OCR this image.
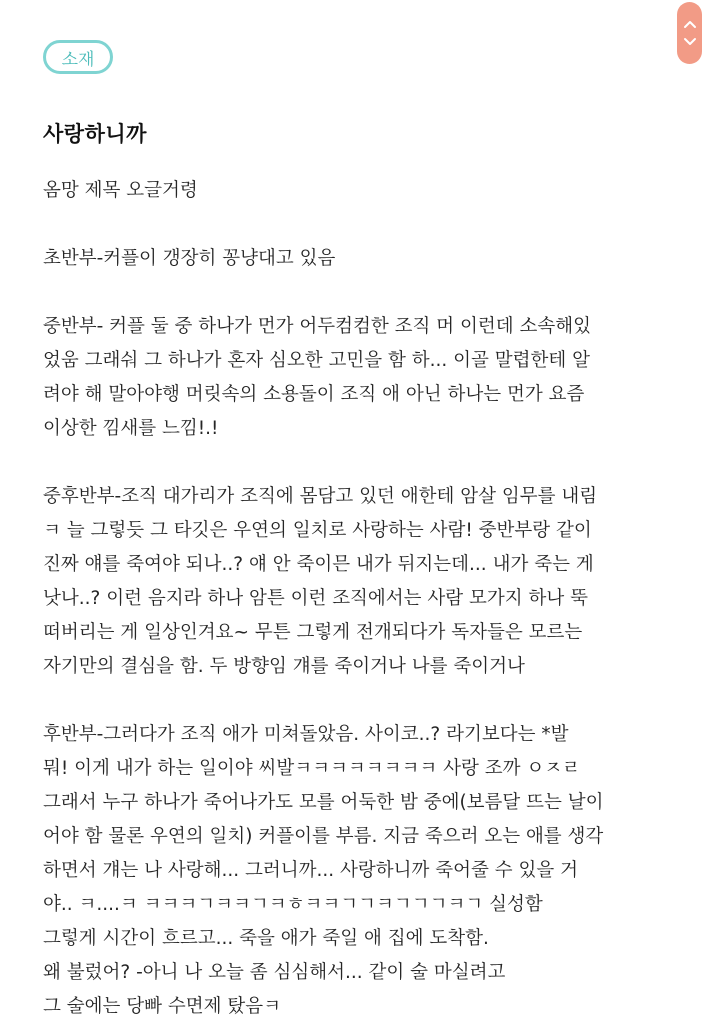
소재
사랑하니까
옴망 제목 오글거령
초반부-커플이 갱장히 꽁냥대고 있음
중반부- 커플 둘 중 하나가 먼가 어두컴컴한 조직 머 이런데 소속해있
었움 그래숴 그 하나가 혼자 심오한 고민을 함 하... 이골 말렵한테 알
려야 해 말아야행 머릿속의 소용돌이 조직 애 아닌 하나는 먼가 요즘
이상한 낌새를 느낌!.!
중후반부-조직 대가리가 조직에 몸담고 있던 애한테 암살 임무를 내림
ㅋ 늘 그렇듯 그 타깃은 우연의 일치로 사랑하는 사람! 중반부랑 같이
진짜 얘를 죽여야 되나..? 얘 안 죽이믄 내가 뒤지는데... 내가 죽는 게
낫나..? 이런 음지라 하나 암튼 이런 조직에서는 사람 모가지 하나 뚝
떠버리는 게 일상인겨요~ 무튼 그렇게 전개되다가 독자들은 모르는
자기만의 결심을 함. 두 방향임 걔를 죽이거나 나를 죽이거나
후반부-그러다가 조직 애가 미쳐돌았음. 사이코..? 라기보다는 *발
뭐! 이게 내가 하는 일이야 씨발ㅋㅋㅋㅋㅋㅋㅋㅋ 사랑 조까 ㅇㅈㄹ
그래서 누구 하나가 죽어나가도 모를 어둑한 밤 중에(보름달 뜨는 날이
어야 함 물론 우연의 일치) 커플이를 부름. 지금 죽으러 오는 애를 생각
하면서 걔는 나 사랑해... 그러니까... 사랑하니까 죽어줄 수 있을 거
야.. ㅋ....ㅋ ㅋㅋㅋㄱㅋㅋㄱㅋㅎㅋㅋㄱㄱㅋㄱㄱㄱㅋㄱ 실성함
그렇게 시간이 흐르고... 죽을 애가 죽일 애 집에 도착함.
왜 불렀어? -아니 나 오늘 좀 심심해서... 같이 술 마실려고
그 술에는 당빠 수면제 탔음ㅋ
